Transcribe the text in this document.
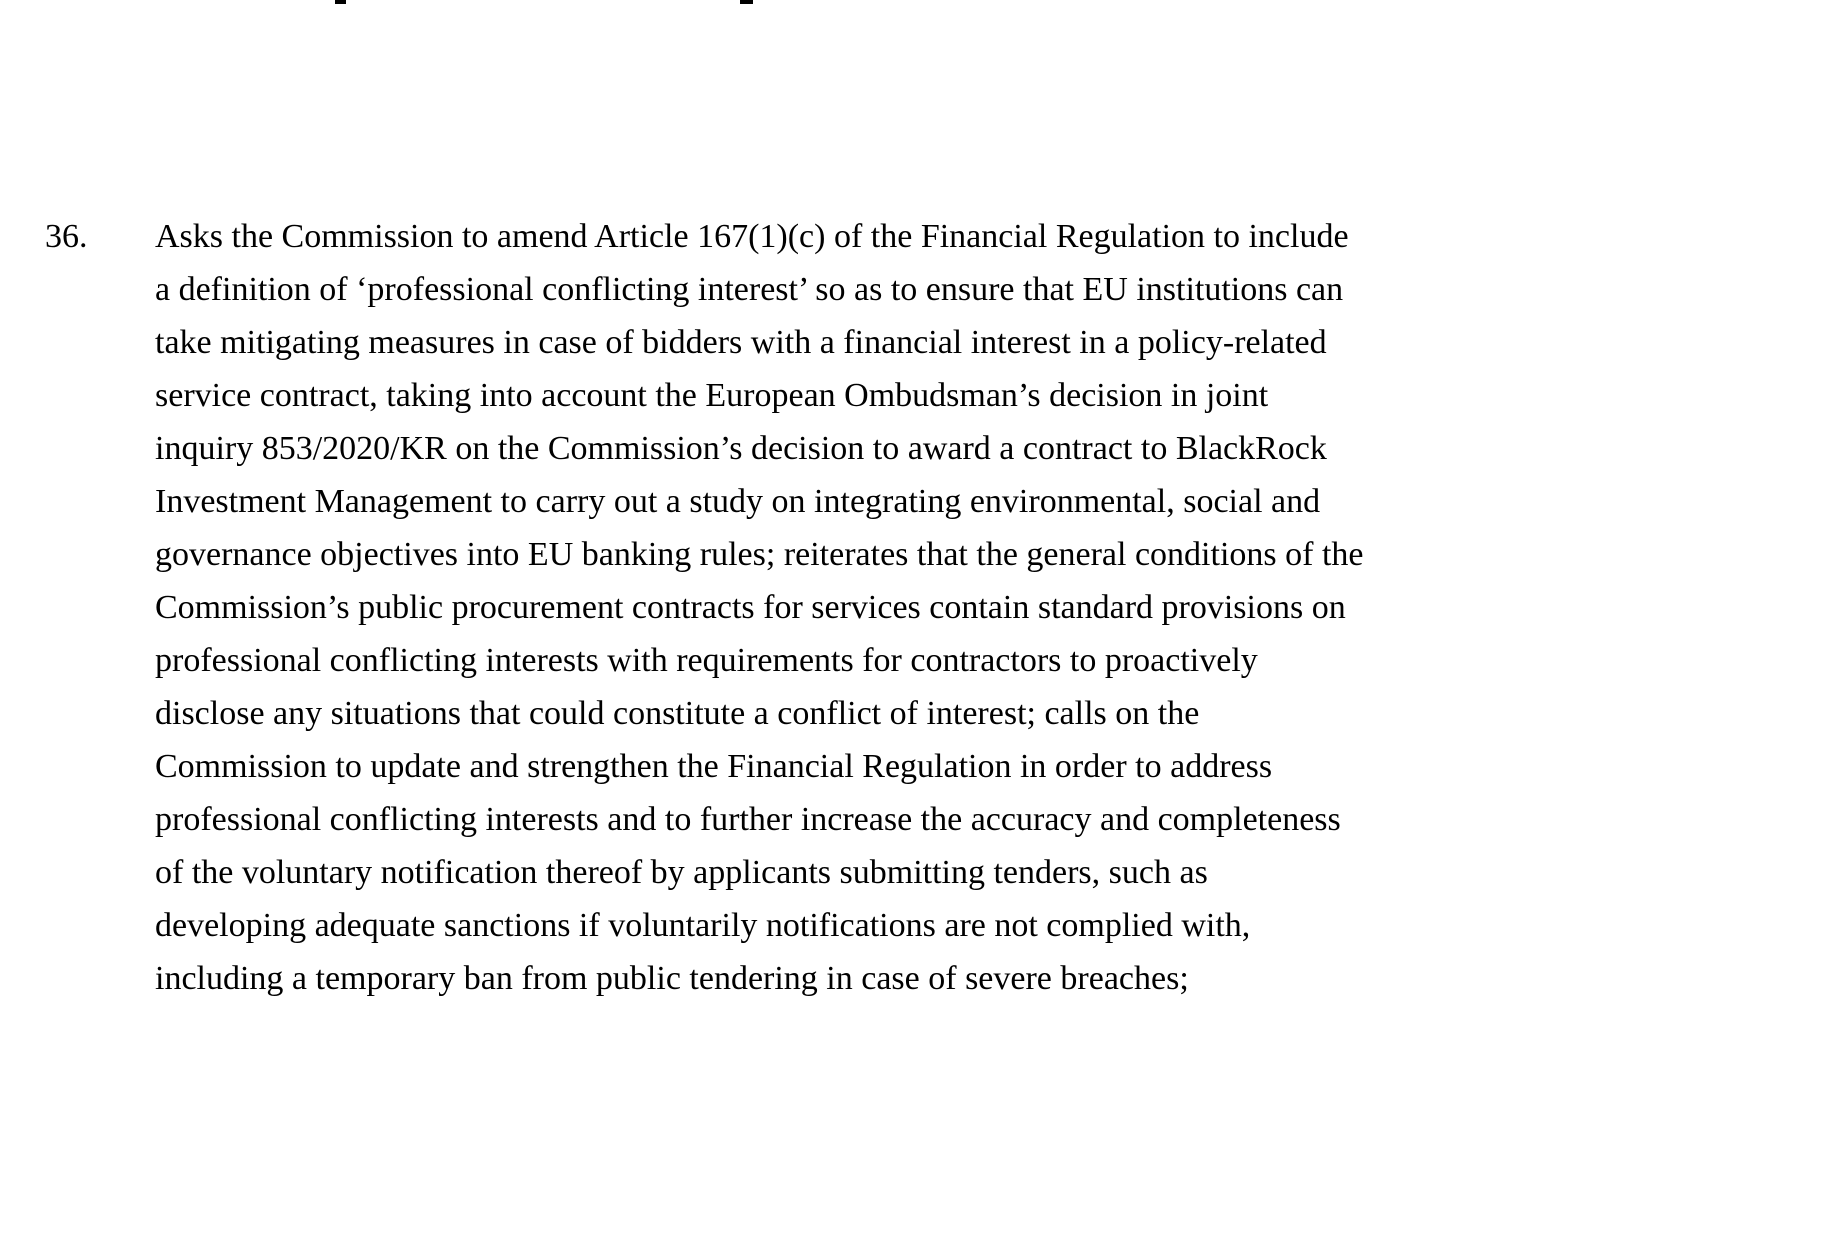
36. Asks the Commission to amend Article 167(1)(c) of the Financial Regulation to include
a definition of ‘professional conflicting interest’ so as to ensure that EU institutions can
take mitigating measures in case of bidders with a financial interest in a policy-related
service contract, taking into account the European Ombudsman’s decision in joint
inquiry 853/2020/KR on the Commission’s decision to award a contract to BlackRock
Investment Management to carry out a study on integrating environmental, social and
governance objectives into EU banking rules; reiterates that the general conditions of the
Commission’s public procurement contracts for services contain standard provisions on
professional conflicting interests with requirements for contractors to proactively
disclose any situations that could constitute a conflict of interest; calls on the
Commission to update and strengthen the Financial Regulation in order to address
professional conflicting interests and to further increase the accuracy and completeness
of the voluntary notification thereof by applicants submitting tenders, such as
developing adequate sanctions if voluntarily notifications are not complied with,
including a temporary ban from public tendering in case of severe breaches;
